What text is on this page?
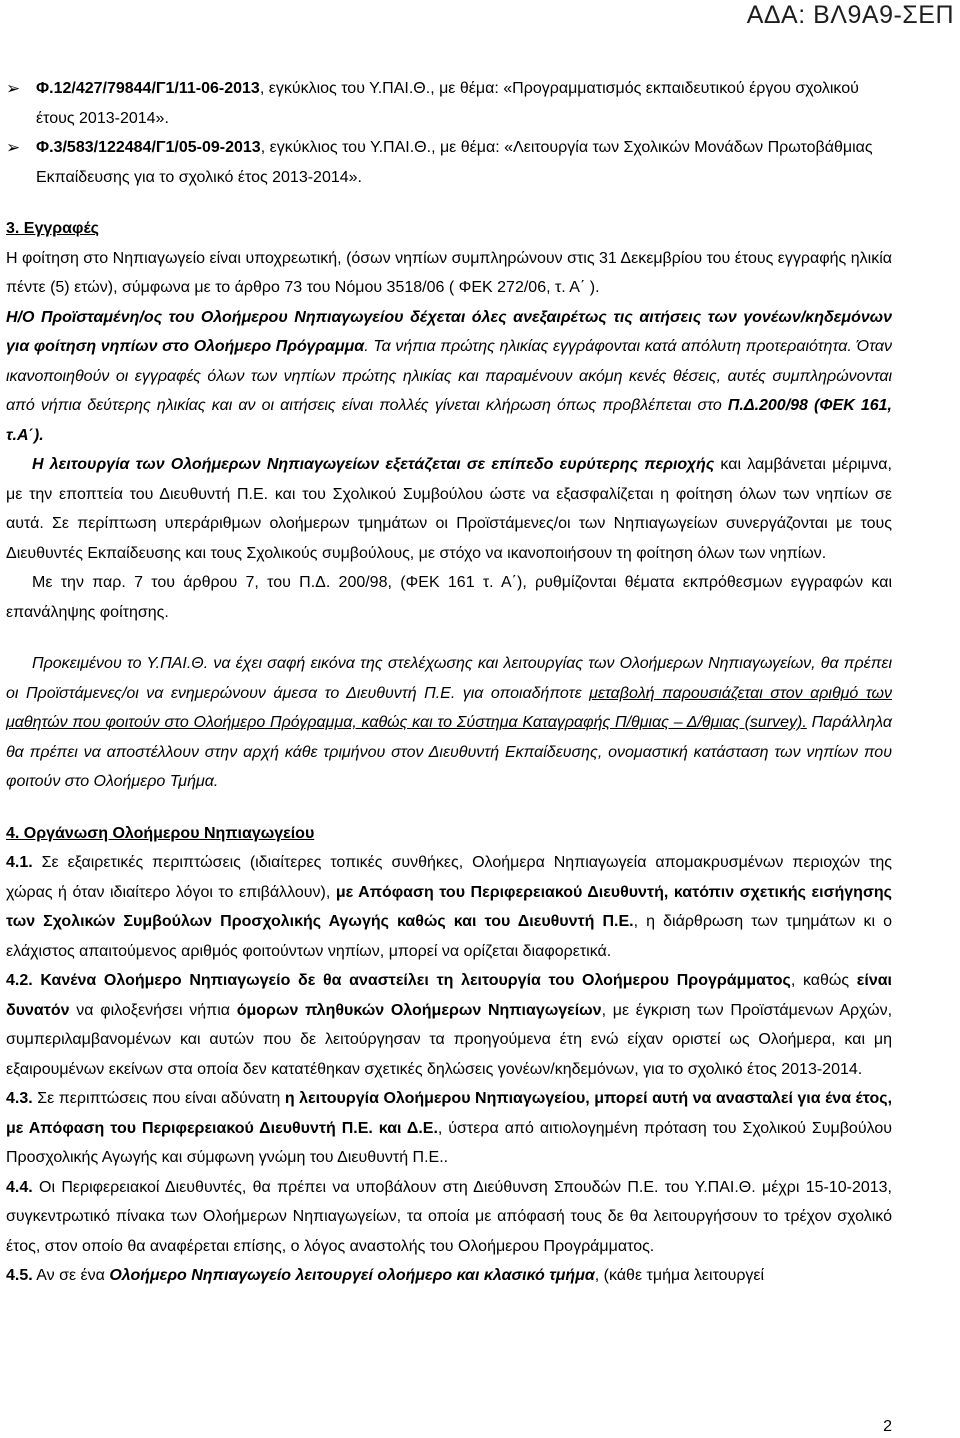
ΑΔΑ: ΒΛ9Α9-ΣΕΠ
➢ Φ.12/427/79844/Γ1/11-06-2013, εγκύκλιος του Υ.ΠΑΙ.Θ., με θέμα: «Προγραμματισμός εκπαιδευτικού έργου σχολικού έτους 2013-2014».
➢ Φ.3/583/122484/Γ1/05-09-2013, εγκύκλιος του Υ.ΠΑΙ.Θ., με θέμα: «Λειτουργία των Σχολικών Μονάδων Πρωτοβάθμιας Εκπαίδευσης για το σχολικό έτος 2013-2014».
3. Εγγραφές
Η φοίτηση στο Νηπιαγωγείο είναι υποχρεωτική, (όσων νηπίων συμπληρώνουν στις 31 Δεκεμβρίου του έτους εγγραφής ηλικία πέντε (5) ετών), σύμφωνα με το άρθρο 73 του Νόμου 3518/06 ( ΦΕΚ 272/06, τ. Α΄ ).
Η/Ο Προϊσταμένη/ος του Ολοήμερου Νηπιαγωγείου δέχεται όλες ανεξαιρέτως τις αιτήσεις των γονέων/κηδεμόνων για φοίτηση νηπίων στο Ολοήμερο Πρόγραμμα. Τα νήπια πρώτης ηλικίας εγγράφονται κατά απόλυτη προτεραιότητα. Όταν ικανοποιηθούν οι εγγραφές όλων των νηπίων πρώτης ηλικίας και παραμένουν ακόμη κενές θέσεις, αυτές συμπληρώνονται από νήπια δεύτερης ηλικίας και αν οι αιτήσεις είναι πολλές γίνεται κλήρωση όπως προβλέπεται στο Π.Δ.200/98 (ΦΕΚ 161, τ.Α΄).
Η λειτουργία των Ολοήμερων Νηπιαγωγείων εξετάζεται σε επίπεδο ευρύτερης περιοχής και λαμβάνεται μέριμνα, με την εποπτεία του Διευθυντή Π.Ε. και του Σχολικού Συμβούλου ώστε να εξασφαλίζεται η φοίτηση όλων των νηπίων σε αυτά. Σε περίπτωση υπεράριθμων ολοήμερων τμημάτων οι Προϊστάμενες/οι των Νηπιαγωγείων συνεργάζονται με τους Διευθυντές Εκπαίδευσης και τους Σχολικούς συμβούλους, με στόχο να ικανοποιήσουν τη φοίτηση όλων των νηπίων.
Με την παρ. 7 του άρθρου 7, του Π.Δ. 200/98, (ΦΕΚ 161 τ. Α΄), ρυθμίζονται θέματα εκπρόθεσμων εγγραφών και επανάληψης φοίτησης.
Προκειμένου το Υ.ΠΑΙ.Θ. να έχει σαφή εικόνα της στελέχωσης και λειτουργίας των Ολοήμερων Νηπιαγωγείων, θα πρέπει οι Προϊστάμενες/οι να ενημερώνουν άμεσα το Διευθυντή Π.Ε. για οποιαδήποτε μεταβολή παρουσιάζεται στον αριθμό των μαθητών που φοιτούν στο Ολοήμερο Πρόγραμμα, καθώς και το Σύστημα Καταγραφής Π/θμιας – Δ/θμιας (survey). Παράλληλα θα πρέπει να αποστέλλουν στην αρχή κάθε τριμήνου στον Διευθυντή Εκπαίδευσης, ονομαστική κατάσταση των νηπίων που φοιτούν στο Ολοήμερο Τμήμα.
4. Οργάνωση Ολοήμερου Νηπιαγωγείου
4.1. Σε εξαιρετικές περιπτώσεις (ιδιαίτερες τοπικές συνθήκες, Ολοήμερα Νηπιαγωγεία απομακρυσμένων περιοχών της χώρας ή όταν ιδιαίτερο λόγοι το επιβάλλουν), με Απόφαση του Περιφερειακού Διευθυντή, κατόπιν σχετικής εισήγησης των Σχολικών Συμβούλων Προσχολικής Αγωγής καθώς και του Διευθυντή Π.Ε., η διάρθρωση των τμημάτων κι ο ελάχιστος απαιτούμενος αριθμός φοιτούντων νηπίων, μπορεί να ορίζεται διαφορετικά.
4.2. Κανένα Ολοήμερο Νηπιαγωγείο δε θα αναστείλει τη λειτουργία του Ολοήμερου Προγράμματος, καθώς είναι δυνατόν να φιλοξενήσει νήπια όμορων πληθυκών Ολοήμερων Νηπιαγωγείων, με έγκριση των Προϊστάμενων Αρχών, συμπεριλαμβανομένων και αυτών που δε λειτούργησαν τα προηγούμενα έτη ενώ είχαν οριστεί ως Ολοήμερα, και μη εξαιρουμένων εκείνων στα οποία δεν κατατέθηκαν σχετικές δηλώσεις γονέων/κηδεμόνων, για το σχολικό έτος 2013-2014.
4.3. Σε περιπτώσεις που είναι αδύνατη η λειτουργία Ολοήμερου Νηπιαγωγείου, μπορεί αυτή να ανασταλεί για ένα έτος, με Απόφαση του Περιφερειακού Διευθυντή Π.Ε. και Δ.Ε., ύστερα από αιτιολογημένη πρόταση του Σχολικού Συμβούλου Προσχολικής Αγωγής και σύμφωνη γνώμη του Διευθυντή Π.Ε..
4.4. Οι Περιφερειακοί Διευθυντές, θα πρέπει να υποβάλουν στη Διεύθυνση Σπουδών Π.Ε. του Υ.ΠΑΙ.Θ. μέχρι 15-10-2013, συγκεντρωτικό πίνακα των Ολοήμερων Νηπιαγωγείων, τα οποία με απόφασή τους δε θα λειτουργήσουν το τρέχον σχολικό έτος, στον οποίο θα αναφέρεται επίσης, ο λόγος αναστολής του Ολοήμερου Προγράμματος.
4.5. Αν σε ένα Ολοήμερο Νηπιαγωγείο λειτουργεί ολοήμερο και κλασικό τμήμα, (κάθε τμήμα λειτουργεί
2
